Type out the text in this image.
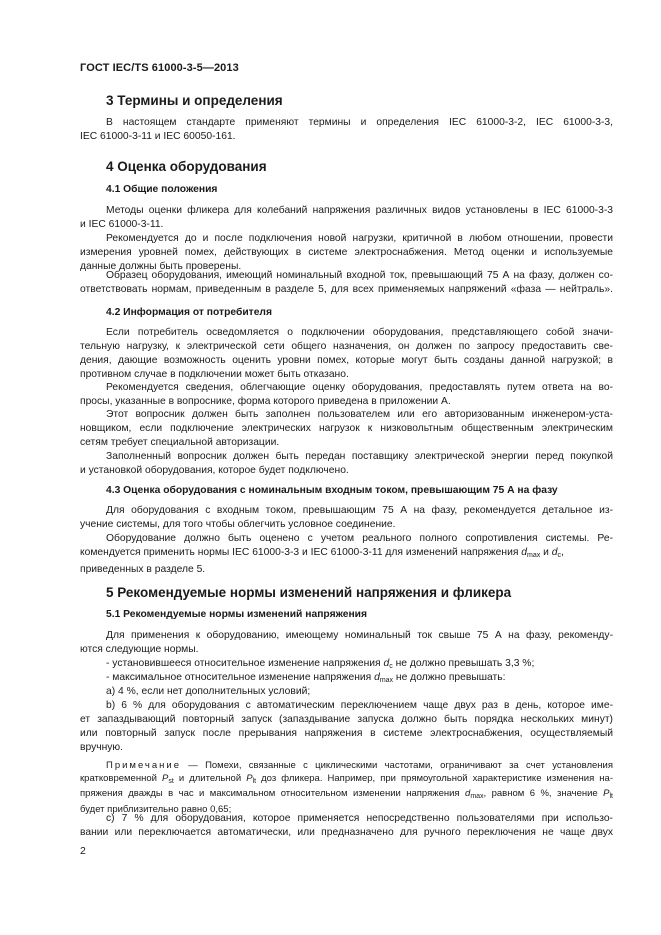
ГОСТ IEC/TS 61000-3-5—2013
3 Термины и определения
В настоящем стандарте применяют термины и определения IEC 61000-3-2, IEC 61000-3-3,
IEC 61000-3-11 и IEC 60050-161.
4 Оценка оборудования
4.1 Общие положения
Методы оценки фликера для колебаний напряжения различных видов установлены в IEC 61000-3-3
и IEC 61000-3-11.
Рекомендуется до и после подключения новой нагрузки, критичной в любом отношении, провести
измерения уровней помех, действующих в системе электроснабжения. Метод оценки и используемые
данные должны быть проверены.
Образец оборудования, имеющий номинальный входной ток, превышающий 75 А на фазу, должен со-
ответствовать нормам, приведенным в разделе 5, для всех применяемых напряжений «фаза — нейтраль».
4.2 Информация от потребителя
Если потребитель осведомляется о подключении оборудования, представляющего собой значи-
тельную нагрузку, к электрической сети общего назначения, он должен по запросу предоставить све-
дения, дающие возможность оценить уровни помех, которые могут быть созданы данной нагрузкой; в
противном случае в подключении может быть отказано.
Рекомендуется сведения, облегчающие оценку оборудования, предоставлять путем ответа на во-
просы, указанные в вопроснике, форма которого приведена в приложении А.
Этот вопросник должен быть заполнен пользователем или его авторизованным инженером-уста-
новщиком, если подключение электрических нагрузок к низковольтным общественным электрическим
сетям требует специальной авторизации.
Заполненный вопросник должен быть передан поставщику электрической энергии перед покупкой
и установкой оборудования, которое будет подключено.
4.3 Оценка оборудования с номинальным входным током, превышающим 75 А на фазу
Для оборудования с входным током, превышающим 75 А на фазу, рекомендуется детальное из-
учение системы, для того чтобы облегчить условное соединение.
Оборудование должно быть оценено с учетом реального полного сопротивления системы. Ре-
комендуется применить нормы IEC 61000-3-3 и IEC 61000-3-11 для изменений напряжения $d_{max}$ и $d_c$,
приведенных в разделе 5.
5 Рекомендуемые нормы изменений напряжения и фликера
5.1 Рекомендуемые нормы изменений напряжения
Для применения к оборудованию, имеющему номинальный ток свыше 75 А на фазу, рекоменду-
ются следующие нормы.
- установившееся относительное изменение напряжения $d_c$ не должно превышать 3,3 %;
- максимальное относительное изменение напряжения $d_{max}$ не должно превышать:
a) 4 %, если нет дополнительных условий;
b) 6 % для оборудования с автоматическим переключением чаще двух раз в день, которое име-
ет запаздывающий повторный запуск (запаздывание запуска должно быть порядка нескольких минут)
или повторный запуск после прерывания напряжения в системе электроснабжения, осуществляемый
вручную.
Примечание — Помехи, связанные с циклическими частотами, ограничивают за счет установления
кратковременной $P_{st}$ и длительной $P_{lt}$ доз фликера. Например, при прямоугольной характеристике изменения на-
пряжения дважды в час и максимальном относительном изменении напряжения $d_{max}$, равном 6 %, значение $P_{lt}$
будет приблизительно равно 0,65;
c) 7 % для оборудования, которое применяется непосредственно пользователями при использо-
вании или переключается автоматически, или предназначено для ручного переключения не чаще двух
2
